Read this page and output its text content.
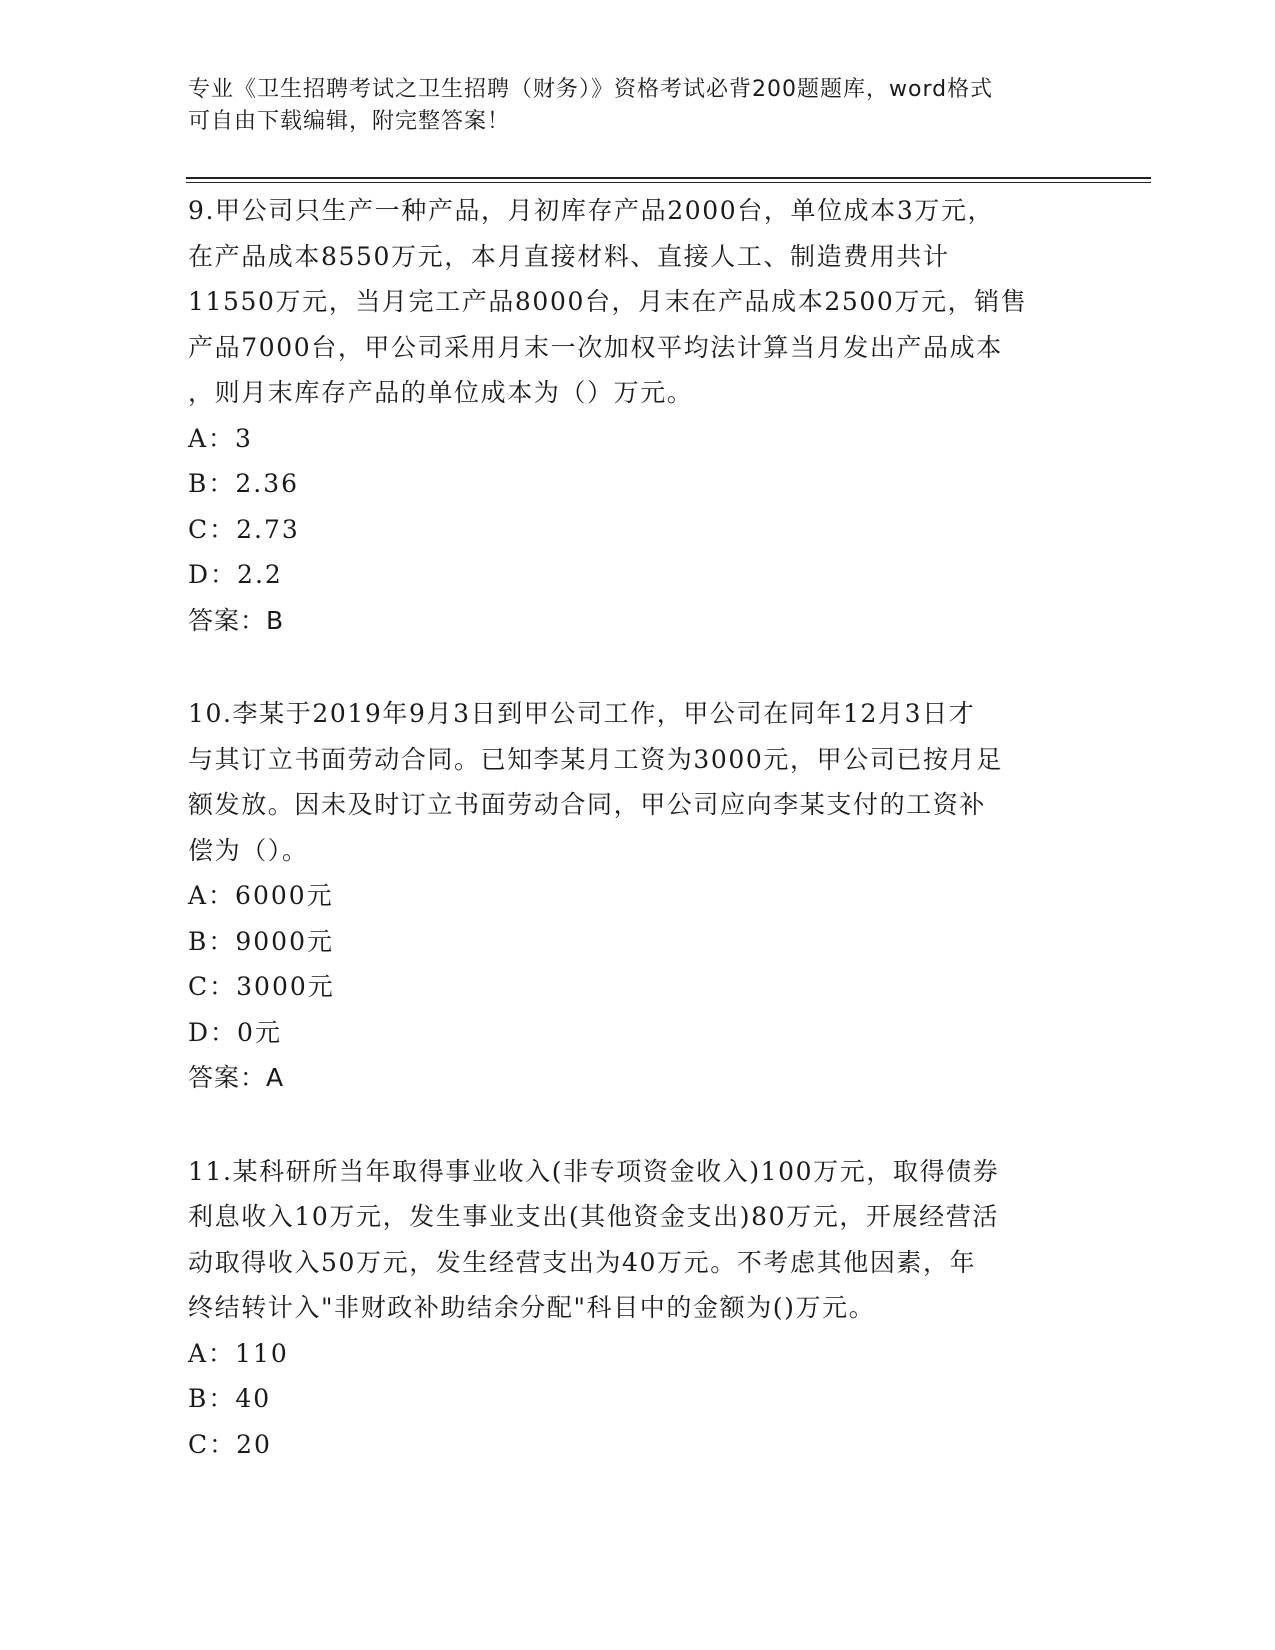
专业《卫生招聘考试之卫生招聘（财务）》资格考试必背200题题库，word格式
可自由下载编辑，附完整答案！
9.甲公司只生产一种产品，月初库存产品2000台，单位成本3万元，
在产品成本8550万元，本月直接材料、直接人工、制造费用共计
11550万元，当月完工产品8000台，月末在产品成本2500万元，销售
产品7000台，甲公司采用月末一次加权平均法计算当月发出产品成本
，则月末库存产品的单位成本为（）万元。
A：3
B：2.36
C：2.73
D：2.2
答案：B
10.李某于2019年9月3日到甲公司工作，甲公司在同年12月3日才
与其订立书面劳动合同。已知李某月工资为3000元，甲公司已按月足
额发放。因未及时订立书面劳动合同，甲公司应向李某支付的工资补
偿为（）。
A：6000元
B：9000元
C：3000元
D：0元
答案：A
11.某科研所当年取得事业收入(非专项资金收入)100万元，取得债券
利息收入10万元，发生事业支出(其他资金支出)80万元，开展经营活
动取得收入50万元，发生经营支出为40万元。不考虑其他因素，年
终结转计入"非财政补助结余分配"科目中的金额为()万元。
A：110
B：40
C：20
